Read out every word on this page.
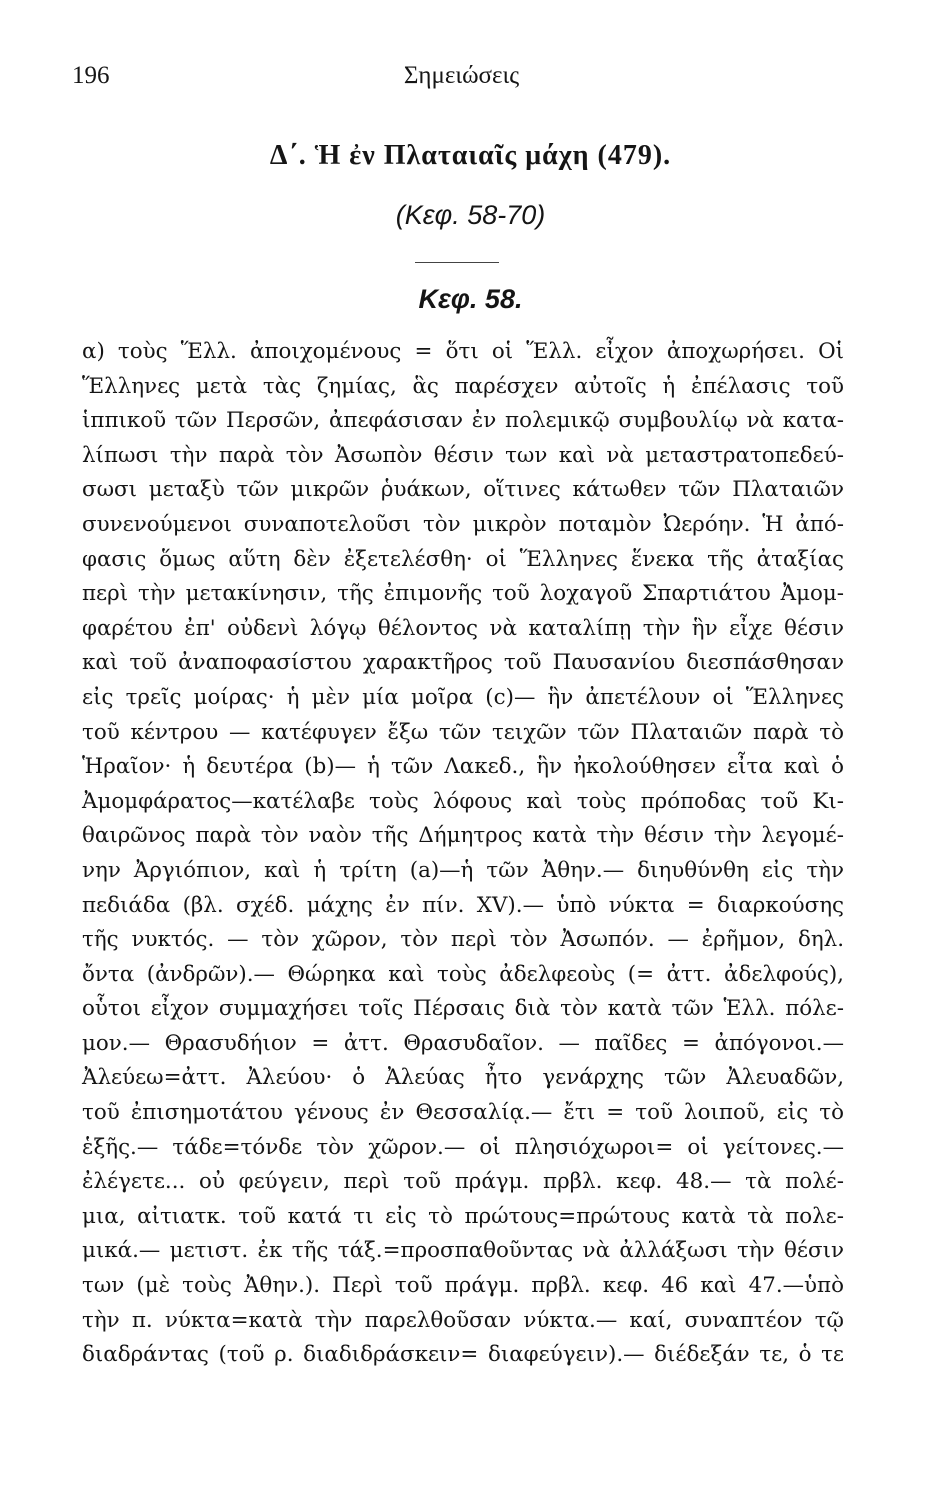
196	Σημειώσεις
Δ΄. Ἡ ἐν Πλαταιαῖς μάχη (479).
(Κεφ. 58-70)
Κεφ. 58.
α) τοὺς Ἕλλ. ἀποιχομένους = ὅτι οἱ Ἕλλ. εἶχον ἀποχωρήσει. Οἱ
Ἕλληνες μετὰ τὰς ζημίας, ἃς παρέσχεν αὐτοῖς ἡ ἐπέλασις τοῦ
ἱππικοῦ τῶν Περσῶν, ἀπεφάσισαν ἐν πολεμικῷ συμβουλίῳ νὰ κατα-
λίπωσι τὴν παρὰ τὸν Ἀσωπὸν θέσιν των καὶ νὰ μεταστρατοπεδεύ-
σωσι μεταξὺ τῶν μικρῶν ῥυάκων, οἵτινες κάτωθεν τῶν Πλαταιῶν
συνενούμενοι συναποτελοῦσι τὸν μικρὸν ποταμὸν Ὠερόην. Ἡ ἀπό-
φασις ὅμως αὕτη δὲν ἐξετελέσθη· οἱ Ἕλληνες ἕνεκα τῆς ἀταξίας
περὶ τὴν μετακίνησιν, τῆς ἐπιμονῆς τοῦ λοχαγοῦ Σπαρτιάτου Ἀμομ-
φαρέτου ἐπ' οὐδενὶ λόγῳ θέλοντος νὰ καταλίπῃ τὴν ἣν εἶχε θέσιν
καὶ τοῦ ἀναποφασίστου χαρακτῆρος τοῦ Παυσανίου διεσπάσθησαν
εἰς τρεῖς μοίρας· ἡ μὲν μία μοῖρα (c)— ἣν ἀπετέλουν οἱ Ἕλληνες
τοῦ κέντρου — κατέφυγεν ἔξω τῶν τειχῶν τῶν Πλαταιῶν παρὰ τὸ
Ἡραῖον· ἡ δευτέρα (b)— ἡ τῶν Λακεδ., ἣν ἠκολούθησεν εἶτα καὶ ὁ
Ἀμομφάρατος—κατέλαβε τοὺς λόφους καὶ τοὺς πρόποδας τοῦ Κι-
θαιρῶνος παρὰ τὸν ναὸν τῆς Δήμητρος κατὰ τὴν θέσιν τὴν λεγομέ-
νην Ἀργιόπιον, καὶ ἡ τρίτη (a)—ἡ τῶν Ἀθην.— διηυθύνθη εἰς τὴν
πεδιάδα (βλ. σχέδ. μάχης ἐν πίν. XV).— ὑπὸ νύκτα = διαρκούσης
τῆς νυκτός. — τὸν χῶρον, τὸν περὶ τὸν Ἀσωπόν. — ἐρῆμον, δηλ.
ὄντα (ἀνδρῶν).— Θώρηκα καὶ τοὺς ἀδελφεοὺς (= ἀττ. ἀδελφούς),
οὗτοι εἶχον συμμαχήσει τοῖς Πέρσαις διὰ τὸν κατὰ τῶν Ἑλλ. πόλε-
μον.— Θρασυδήιον = ἀττ. Θρασυδαῖον. — παῖδες = ἀπόγονοι.—
Ἀλεύεω=ἀττ. Ἀλεύου· ὁ Ἀλεύας ἦτο γενάρχης τῶν Ἀλευαδῶν,
τοῦ ἐπισημοτάτου γένους ἐν Θεσσαλίᾳ.— ἔτι = τοῦ λοιποῦ, εἰς τὸ
ἑξῆς.— τάδε=τόνδε τὸν χῶρον.— οἱ πλησιόχωροι= οἱ γείτονες.—
ἐλέγετε... οὐ φεύγειν, περὶ τοῦ πράγμ. πρβλ. κεφ. 48.— τὰ πολέ-
μια, αἰτιατκ. τοῦ κατά τι εἰς τὸ πρώτους=πρώτους κατὰ τὰ πολε-
μικά.— μετιστ. ἐκ τῆς τάξ.=προσπαθοῦντας νὰ ἀλλάξωσι τὴν θέσιν
των (μὲ τοὺς Ἀθην.). Περὶ τοῦ πράγμ. πρβλ. κεφ. 46 καὶ 47.—ὑπὸ
τὴν π. νύκτα=κατὰ τὴν παρελθοῦσαν νύκτα.— καί, συναπτέον τῷ
διαδράντας (τοῦ ρ. διαδιδράσκειν= διαφεύγειν).— διέδεξάν τε, ὁ τε
